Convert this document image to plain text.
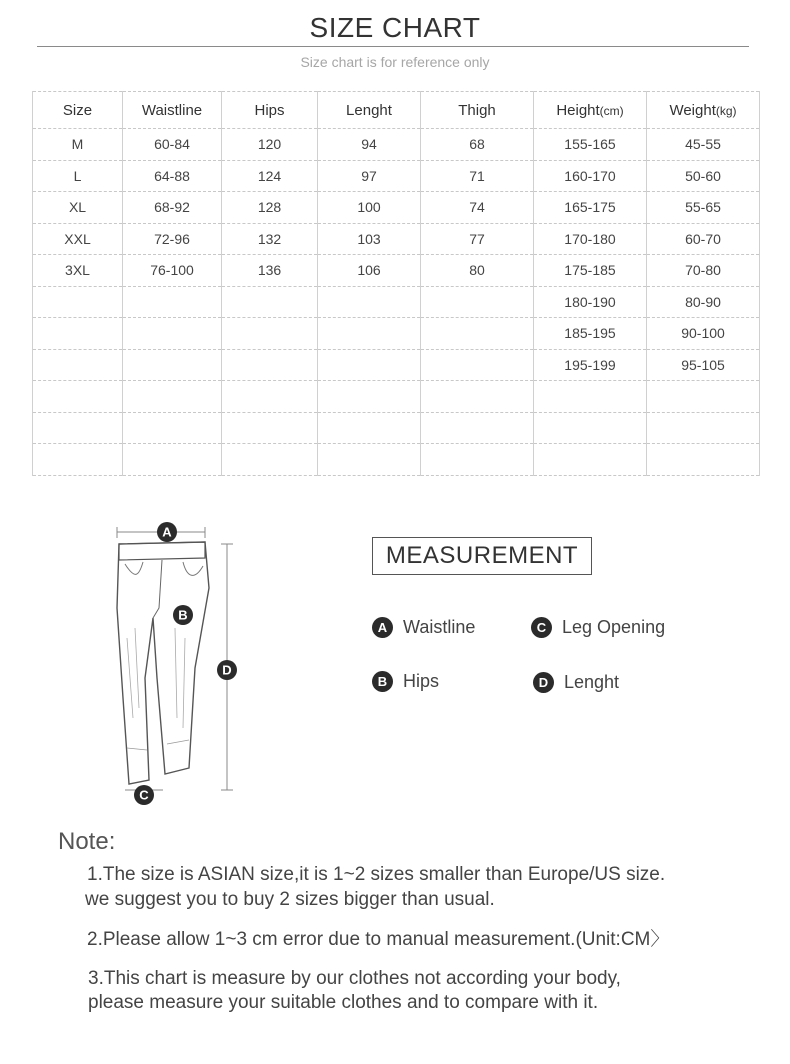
SIZE CHART
Size chart is for reference only
Size	Waistline	Hips	Lenght	Thigh	Height(cm)	Weight(kg)
M	60-84	120	94	68	155-165	45-55
L	64-88	124	97	71	160-170	50-60
XL	68-92	128	100	74	165-175	55-65
XXL	72-96	132	103	77	170-180	60-70
3XL	76-100	136	106	80	175-185	70-80
					180-190	80-90
					185-195	90-100
					195-199	95-105

A
B
C
D
MEASUREMENT
A Waistline	C Leg Opening
B Hips	D Lenght
Note:
1.The size is ASIAN size,it is 1~2 sizes smaller than Europe/US size.
we suggest you to buy 2 sizes bigger than usual.
2.Please allow 1~3 cm error due to manual measurement.(Unit:CM〉
3.This chart is measure by our clothes not according your body,
please measure your suitable clothes and to compare with it.
